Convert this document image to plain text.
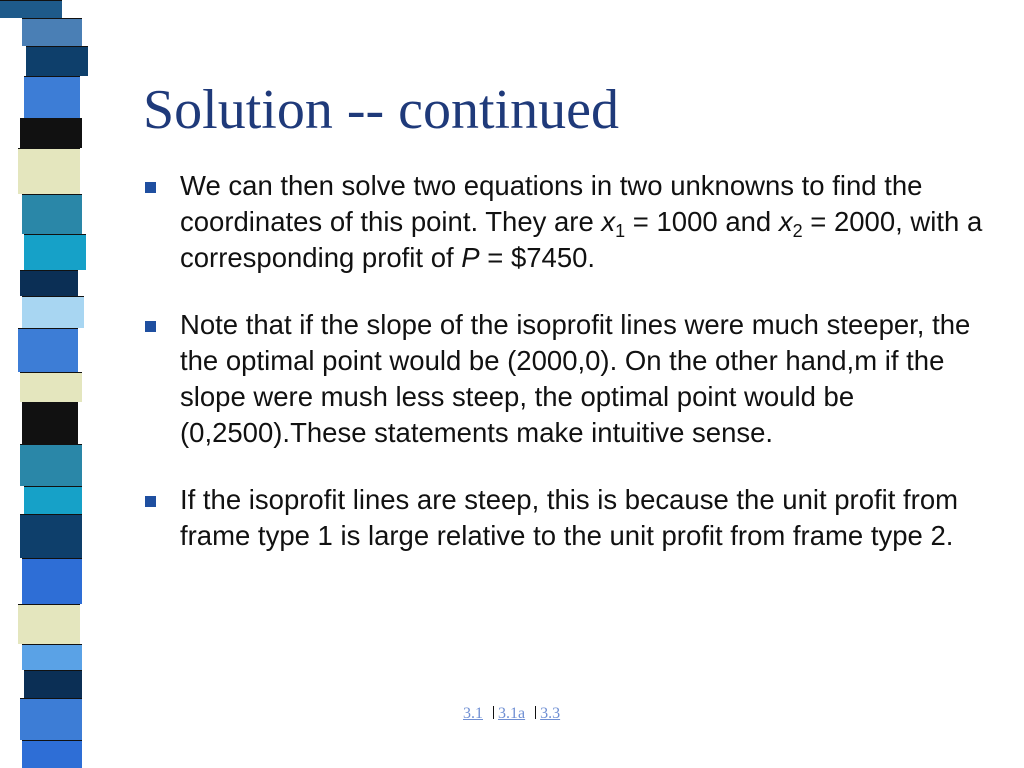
Solution -- continued
We can then solve two equations in two unknowns to find the coordinates of this point. They are $x_1 = 1000$ and $x_2 = 2000$, with a corresponding profit of P = $7450.
Note that if the slope of the isoprofit lines were much steeper, the the optimal point would be (2000,0). On the other hand,m if the slope were mush less steep, the optimal point would be (0,2500).These statements make intuitive sense.
If the isoprofit lines are steep, this is because the unit profit from frame type 1 is large relative to the unit profit from frame type 2.
3.1 3.1a 3.3
